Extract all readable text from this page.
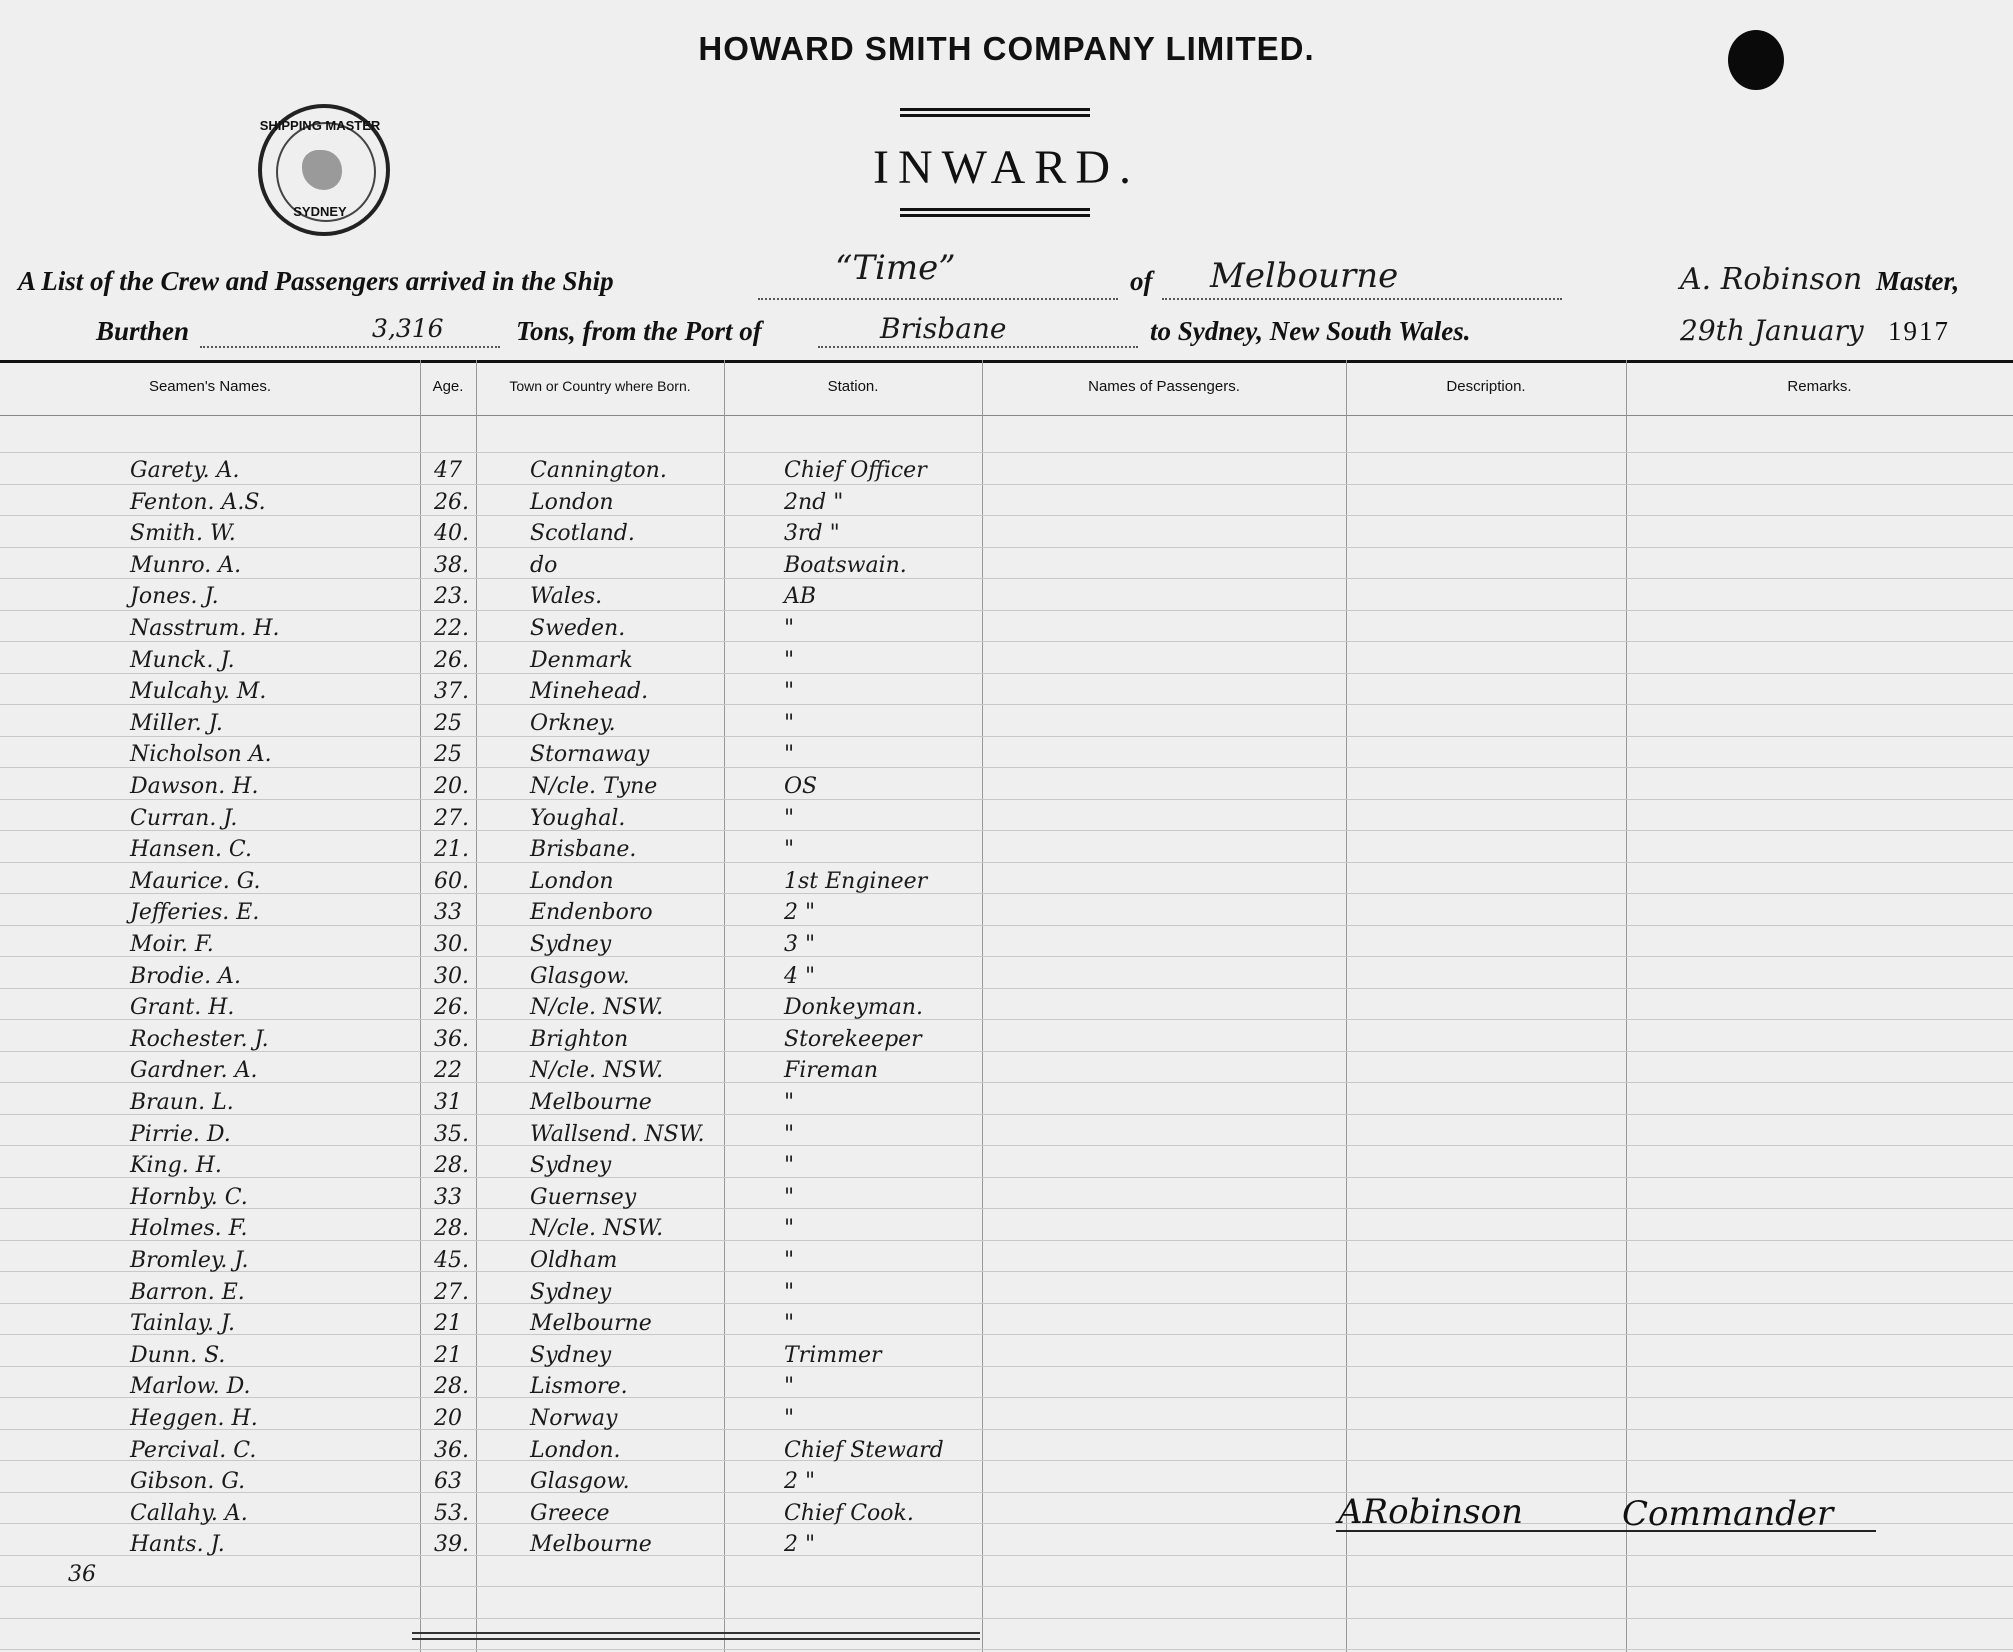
HOWARD SMITH COMPANY LIMITED.
SHIPPING MASTER
SYDNEY
INWARD.
A List of the Crew and Passengers arrived in the Ship	“Time”	of Melbourne	A. Robinson Master,
Burthen	3,316	Tons, from the Port of	Brisbane	to Sydney, New South Wales.	29th January 1917
Seamen's Names.	Age.	Town or Country where Born.	Station.	Names of Passengers.	Description.	Remarks.
Garety. A.	47	Cannington.	Chief Officer
Fenton. A.S.	26.	London	2nd "
Smith. W.	40.	Scotland.	3rd "
Munro. A.	38.	do	Boatswain.
Jones. J.	23.	Wales.	AB
Nasstrum. H.	22.	Sweden.	"
Munck. J.	26.	Denmark	"
Mulcahy. M.	37.	Minehead.	"
Miller. J.	25	Orkney.	"
Nicholson A.	25	Stornaway	"
Dawson. H.	20.	N/cle. Tyne	OS
Curran. J.	27.	Youghal.	"
Hansen. C.	21.	Brisbane.	"
Maurice. G.	60.	London	1st Engineer
Jefferies. E.	33	Endenboro	2 "
Moir. F.	30.	Sydney	3 "
Brodie. A.	30.	Glasgow.	4 "
Grant. H.	26.	N/cle. NSW.	Donkeyman.
Rochester. J.	36.	Brighton	Storekeeper
Gardner. A.	22	N/cle. NSW.	Fireman
Braun. L.	31	Melbourne	"
Pirrie. D.	35.	Wallsend. NSW.	"
King. H.	28.	Sydney	"
Hornby. C.	33	Guernsey	"
Holmes. F.	28.	N/cle. NSW.	"
Bromley. J.	45.	Oldham	"
Barron. E.	27.	Sydney	"
Tainlay. J.	21	Melbourne	"
Dunn. S.	21	Sydney	Trimmer
Marlow. D.	28.	Lismore.	"
Heggen. H.	20	Norway	"
Percival. C.	36.	London.	Chief Steward
Gibson. G.	63	Glasgow.	2 "
Callahy. A.	53.	Greece	Chief Cook.
Hants. J.	39.	Melbourne	2 "
36
ARobinson	Commander
